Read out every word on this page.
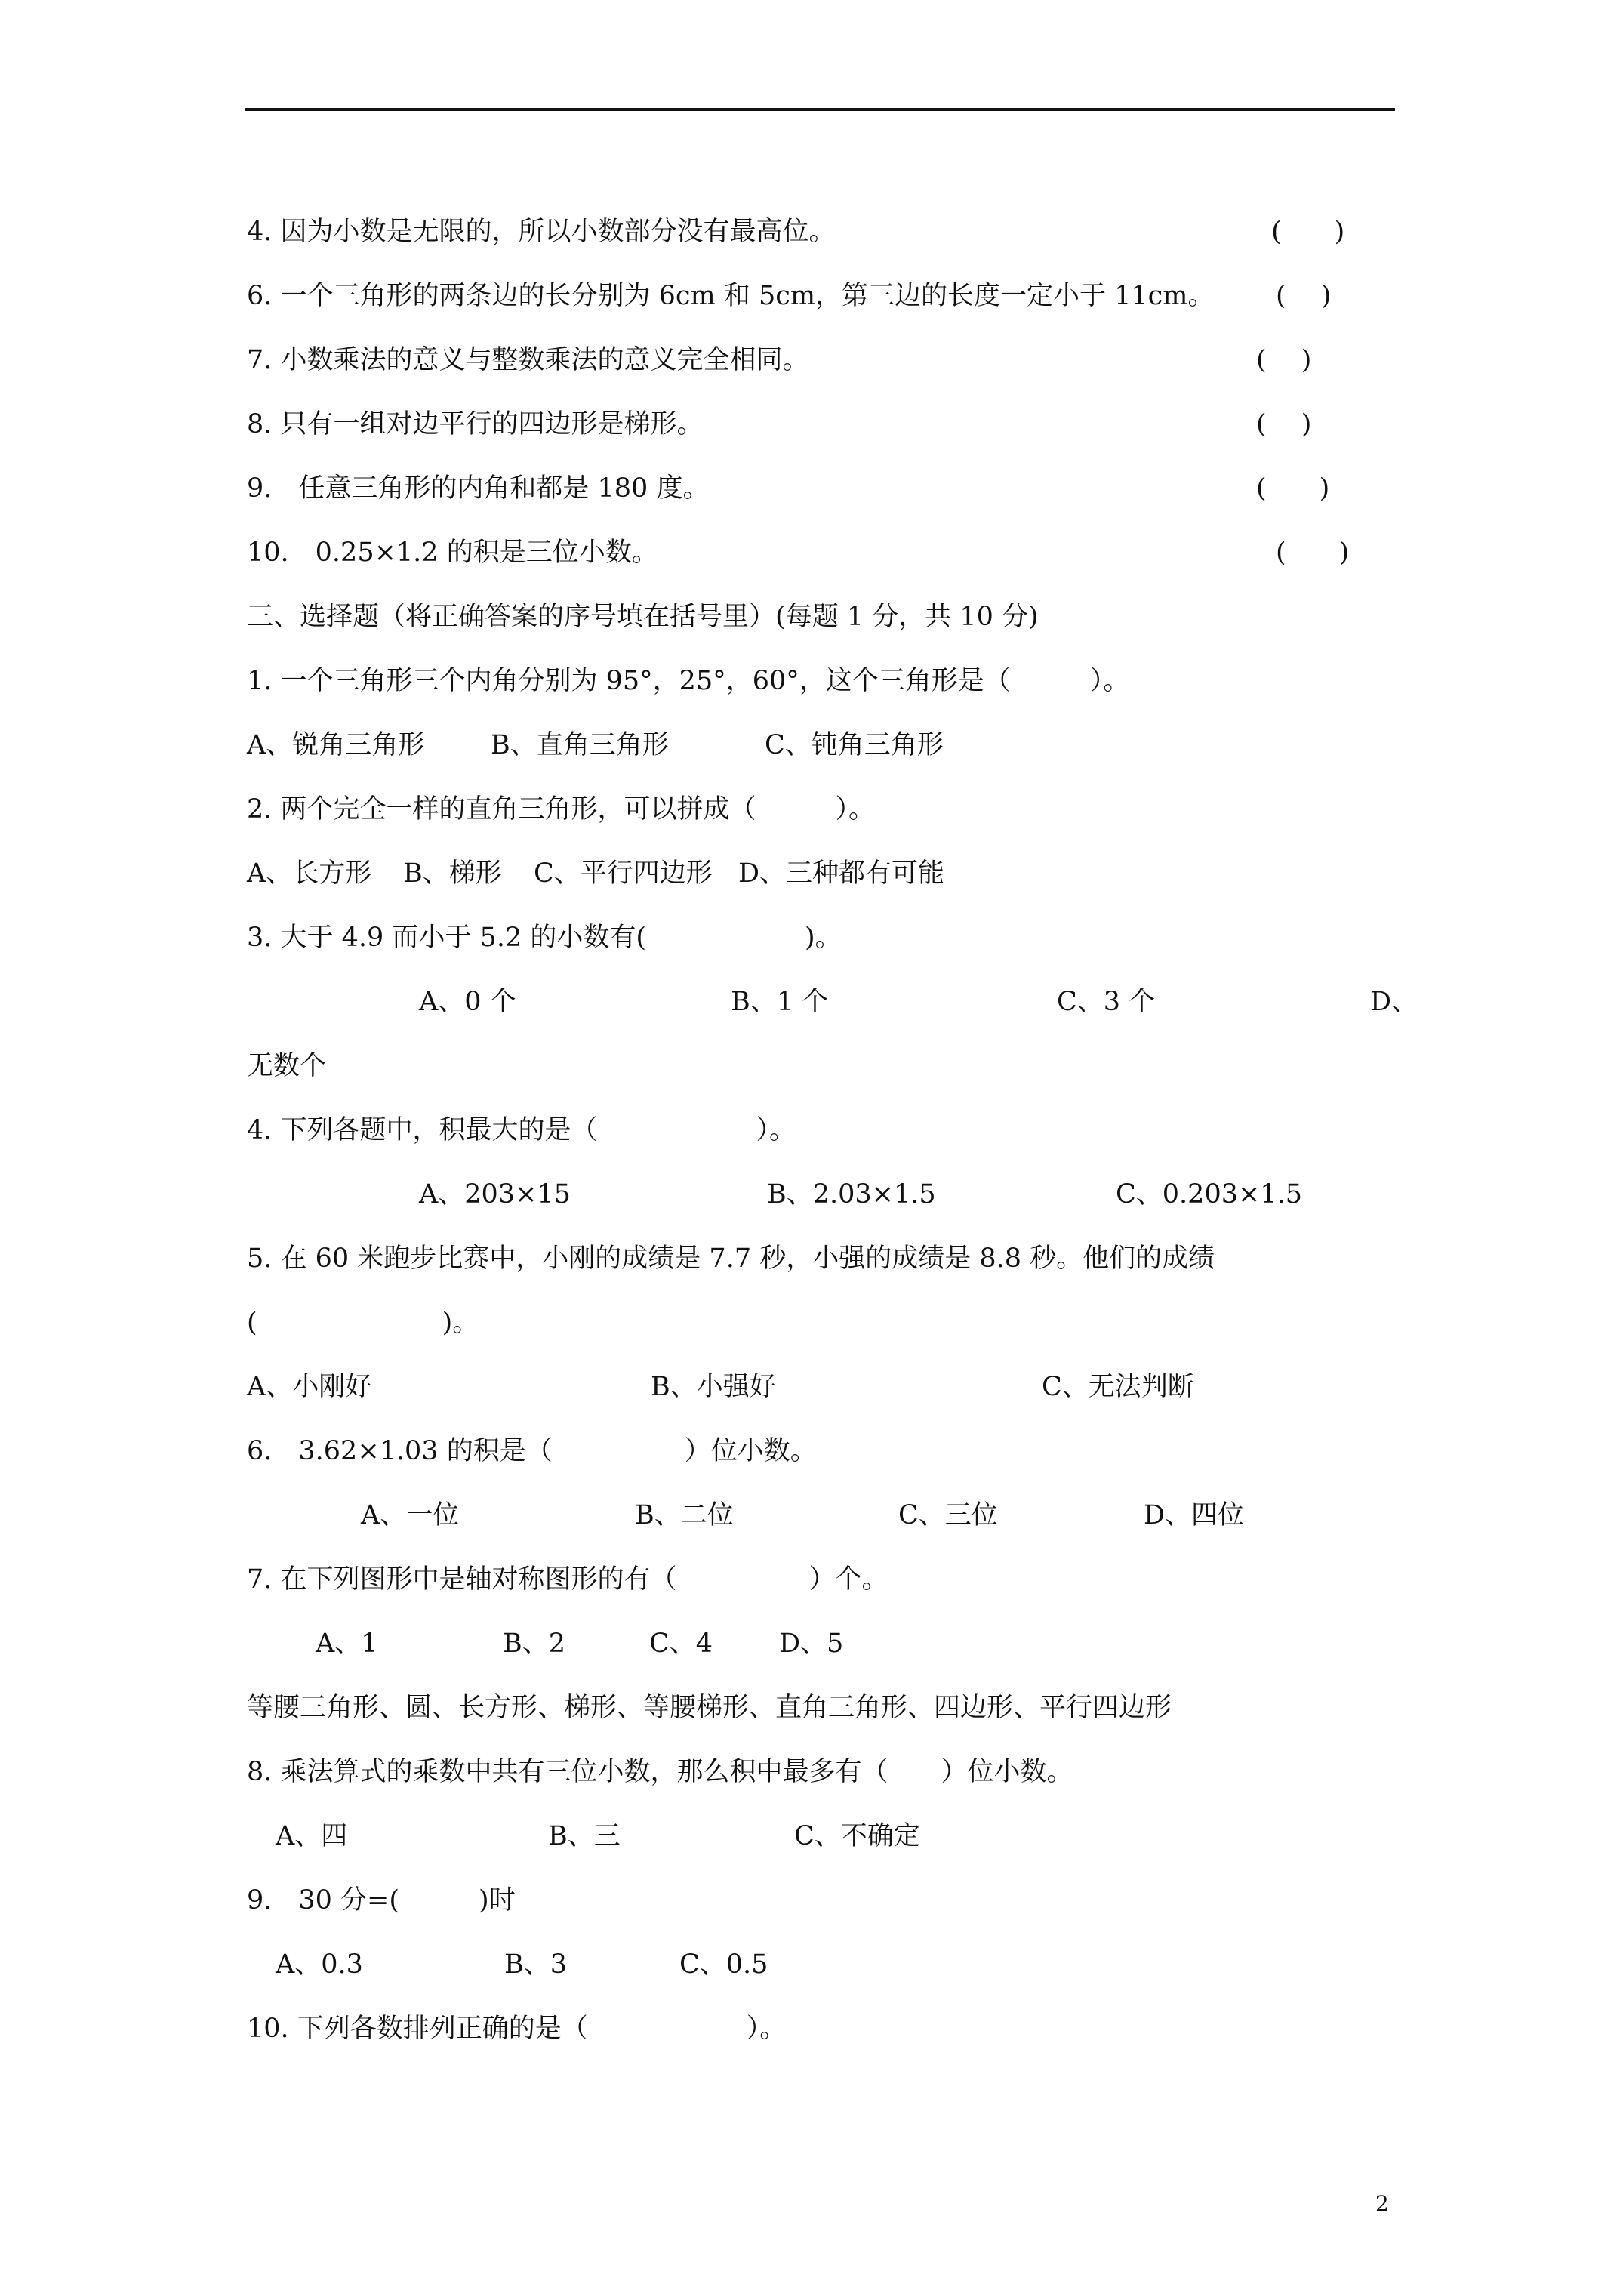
4. 因为小数是无限的，所以小数部分没有最高位。	(　　)
6. 一个三角形的两条边的长分别为 6cm 和 5cm，第三边的长度一定小于 11cm。 (　 )
7. 小数乘法的意义与整数乘法的意义完全相同。	(　 )
8. 只有一组对边平行的四边形是梯形。	(　 )
9.　任意三角形的内角和都是 180 度。	(　　)
10.　0.25×1.2 的积是三位小数。	(　　)
三、选择题（将正确答案的序号填在括号里）(每题 1 分，共 10 分)
1. 一个三角形三个内角分别为 95°，25°，60°，这个三角形是（　　　）。
A、锐角三角形	B、直角三角形	C、钝角三角形
2. 两个完全一样的直角三角形，可以拼成（　　　）。
A、长方形 B、梯形 C、平行四边形 D、三种都有可能
3. 大于 4.9 而小于 5.2 的小数有(　　　　　　)。
A、0 个	B、1 个	C、3 个	D、
无数个
4. 下列各题中，积最大的是（　　　　　　）。
A、203×15	B、2.03×1.5	C、0.203×1.5
5. 在 60 米跑步比赛中，小刚的成绩是 7.7 秒，小强的成绩是 8.8 秒。他们的成绩
(　　　　　　　)。
A、小刚好	B、小强好	C、无法判断
6.　3.62×1.03 的积是（　　　　　）位小数。
A、一位	B、二位	C、三位	D、四位
7. 在下列图形中是轴对称图形的有（　　　　　）个。
A、1	B、2	C、4	D、5
等腰三角形、圆、长方形、梯形、等腰梯形、直角三角形、四边形、平行四边形
8. 乘法算式的乘数中共有三位小数，那么积中最多有（　　）位小数。
A、四	B、三	C、不确定
9.　30 分=(　　　)时
A、0.3	B、3	C、0.5
10. 下列各数排列正确的是（　　　　　　）。
2
